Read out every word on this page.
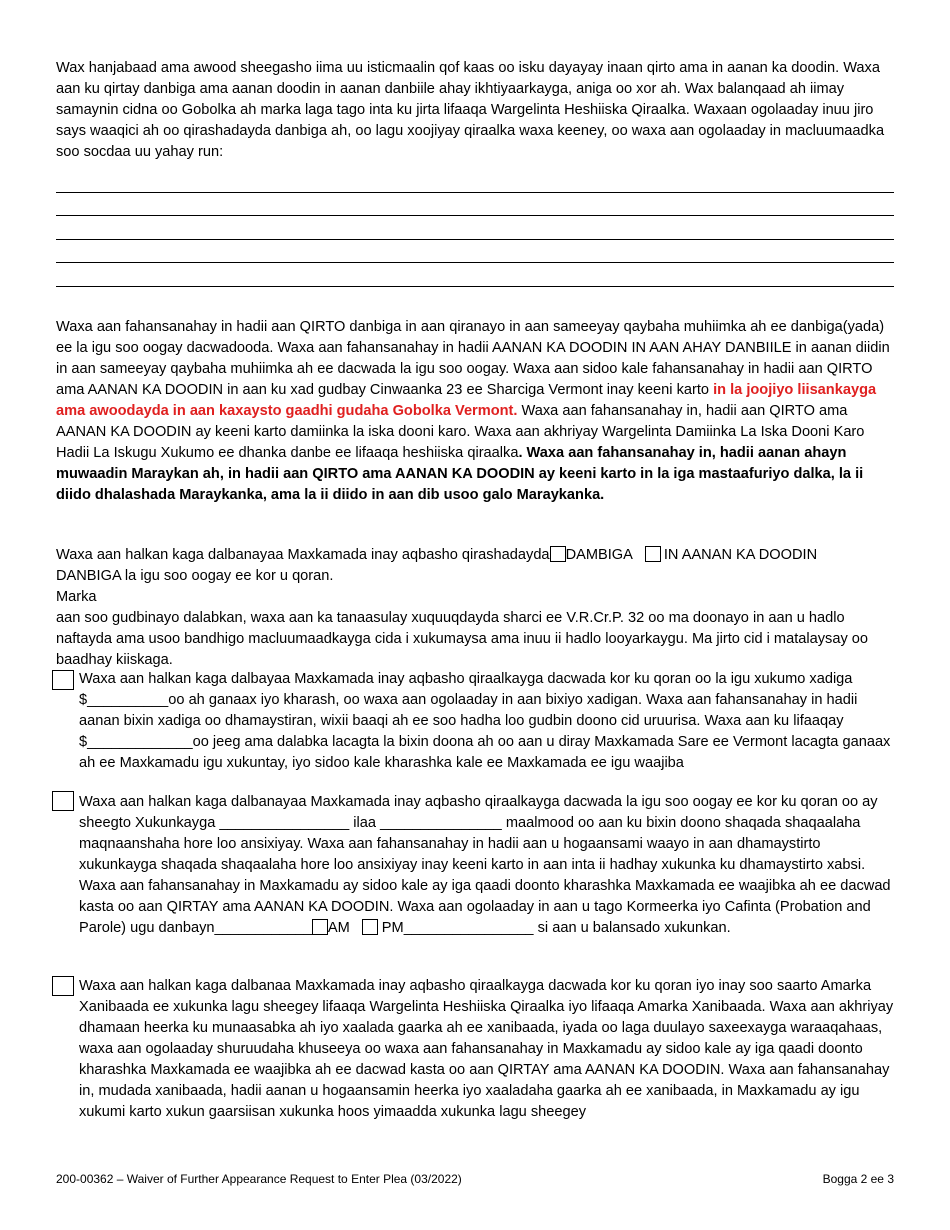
Wax hanjabaad ama awood sheegasho iima uu isticmaalin qof kaas oo isku dayayay inaan qirto ama in aanan ka doodin. Waxa aan ku qirtay danbiga ama aanan doodin in aanan danbiile ahay ikhtiyaarkayga, aniga oo xor ah. Wax balanqaad ah iimay samaynin cidna oo Gobolka ah marka laga tago inta ku jirta lifaaqa Wargelinta Heshiiska Qiraalka. Waxaan ogolaaday inuu jiro says waaqici ah oo qirashadayda danbiga ah, oo lagu xoojiyay qiraalka waxa keeney, oo waxa aan ogolaaday in macluumaadka soo socdaa uu yahay run:

Waxa aan fahansanahay in hadii aan QIRTO danbiga in aan qiranayo in aan sameeyay qaybaha muhiimka ah ee danbiga(yada) ee la igu soo oogay dacwadooda. Waxa aan fahansanahay in hadii AANAN KA DOODIN IN AAN AHAY DANBIILE in aanan diidin in aan sameeyay qaybaha muhiimka ah ee dacwada la igu soo oogay. Waxa aan sidoo kale fahansanahay in hadii aan QIRTO ama AANAN KA DOODIN in aan ku xad gudbay Cinwaanka 23 ee Sharciga Vermont inay keeni karto in la joojiyo liisankayga ama awoodayda in aan kaxaysto gaadhi gudaha Gobolka Vermont. Waxa aan fahansanahay in, hadii aan QIRTO ama AANAN KA DOODIN ay keeni karto damiinka la iska dooni karo. Waxa aan akhriyay Wargelinta Damiinka La Iska Dooni Karo Hadii La Iskugu Xukumo ee dhanka danbe ee lifaaqa heshiiska qiraalka. Waxa aan fahansanahay in, hadii aanan ahayn muwaadin Maraykan ah, in hadii aan QIRTO ama AANAN KA DOODIN ay keeni karto in la iga mastaafuriyo dalka, la ii diido dhalashada Maraykanka, ama la ii diido in aan dib usoo galo Maraykanka.

Waxa aan halkan kaga dalbanayaa Maxkamada inay aqbasho qirashadayda DAMBIGA IN AANAN KA DOODIN
DANBIGA la igu soo oogay ee kor u qoran.
Marka
aan soo gudbinayo dalabkan, waxa aan ka tanaasulay xuquuqdayda sharci ee V.R.Cr.P. 32 oo ma doonayo in aan u hadlo naftayda ama usoo bandhigo macluumaadkayga cida i xukumaysa ama inuu ii hadlo looyarkaygu. Ma jirto cid i matalaysay oo baadhay kiiskaga.

Waxa aan halkan kaga dalbayaa Maxkamada inay aqbasho qiraalkayga dacwada kor ku qoran oo la igu xukumo xadiga $__________oo ah ganaax iyo kharash, oo waxa aan ogolaaday in aan bixiyo xadigan. Waxa aan fahansanahay in hadii aanan bixin xadiga oo dhamaystiran, wixii baaqi ah ee soo hadha loo gudbin doono cid uruurisa. Waxa aan ku lifaaqay $_____________oo jeeg ama dalabka lacagta la bixin doona ah oo aan u diray Maxkamada Sare ee Vermont lacagta ganaax ah ee Maxkamadu igu xukuntay, iyo sidoo kale kharashka kale ee Maxkamada ee igu waajiba

Waxa aan halkan kaga dalbanayaa Maxkamada inay aqbasho qiraalkayga dacwada la igu soo oogay ee kor ku qoran oo ay sheegto Xukunkayga ________________ ilaa _______________ maalmood oo aan ku bixin doono shaqada shaqaalaha maqnaanshaha hore loo ansixiyay. Waxa aan fahansanahay in hadii aan u hogaansami waayo in aan dhamaystirto xukunkayga shaqada shaqaalaha hore loo ansixiyay inay keeni karto in aan inta ii hadhay xukunka ku dhamaystirto xabsi. Waxa aan fahansanahay in Maxkamadu ay sidoo kale ay iga qaadi doonto kharashka Maxkamada ee waajibka ah ee dacwad kasta oo aan QIRTAY ama AANAN KA DOODIN. Waxa aan ogolaaday in aan u tago Kormeerka iyo Cafinta (Probation and Parole) ugu danbayn____________ AM PM________________ si aan u balansado xukunkan.

Waxa aan halkan kaga dalbanaa Maxkamada inay aqbasho qiraalkayga dacwada kor ku qoran iyo inay soo saarto Amarka Xanibaada ee xukunka lagu sheegey lifaaqa Wargelinta Heshiiska Qiraalka iyo lifaaqa Amarka Xanibaada. Waxa aan akhriyay dhamaan heerka ku munaasabka ah iyo xaalada gaarka ah ee xanibaada, iyada oo laga duulayo saxeexayga waraaqahaas, waxa aan ogolaaday shuruudaha khuseeya oo waxa aan fahansanahay in Maxkamadu ay sidoo kale ay iga qaadi doonto kharashka Maxkamada ee waajibka ah ee dacwad kasta oo aan QIRTAY ama AANAN KA DOODIN. Waxa aan fahansanahay in, mudada xanibaada, hadii aanan u hogaansamin heerka iyo xaaladaha gaarka ah ee xanibaada, in Maxkamadu ay igu xukumi karto xukun gaarsiisan xukunka hoos yimaadda xukunka lagu sheegey

200-00362 – Waiver of Further Appearance Request to Enter Plea (03/2022)	Bogga 2 ee 3
